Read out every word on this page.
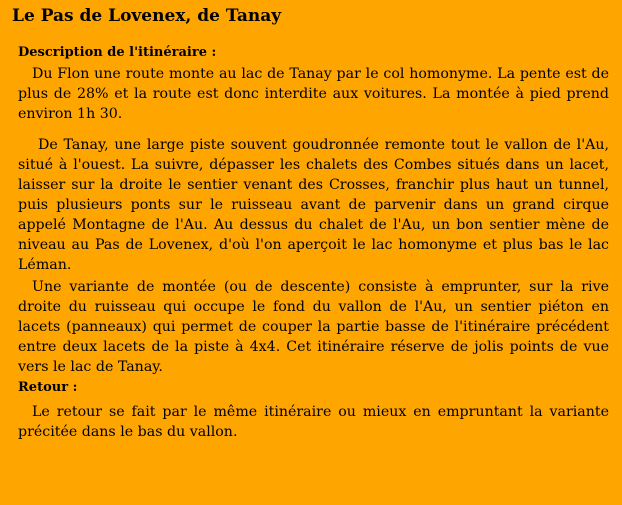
Le Pas de Lovenex, de Tanay
Description de l'itinéraire :

Du Flon une route monte au lac de Tanay par le col homonyme. La pente est de plus de 28% et la route est donc interdite aux voitures. La montée à pied prend environ 1h 30.

De Tanay, une large piste souvent goudronnée remonte tout le vallon de l'Au, situé à l'ouest. La suivre, dépasser les chalets des Combes situés dans un lacet, laisser sur la droite le sentier venant des Crosses, franchir plus haut un tunnel, puis plusieurs ponts sur le ruisseau avant de parvenir dans un grand cirque appelé Montagne de l'Au. Au dessus du chalet de l'Au, un bon sentier mène de niveau au Pas de Lovenex, d'où l'on aperçoit le lac homonyme et plus bas le lac Léman.

Une variante de montée (ou de descente) consiste à emprunter, sur la rive droite du ruisseau qui occupe le fond du vallon de l'Au, un sentier piéton en lacets (panneaux) qui permet de couper la partie basse de l'itinéraire précédent entre deux lacets de la piste à 4x4. Cet itinéraire réserve de jolis points de vue vers le lac de Tanay.

Retour :

Le retour se fait par le même itinéraire ou mieux en empruntant la variante précitée dans le bas du vallon.
